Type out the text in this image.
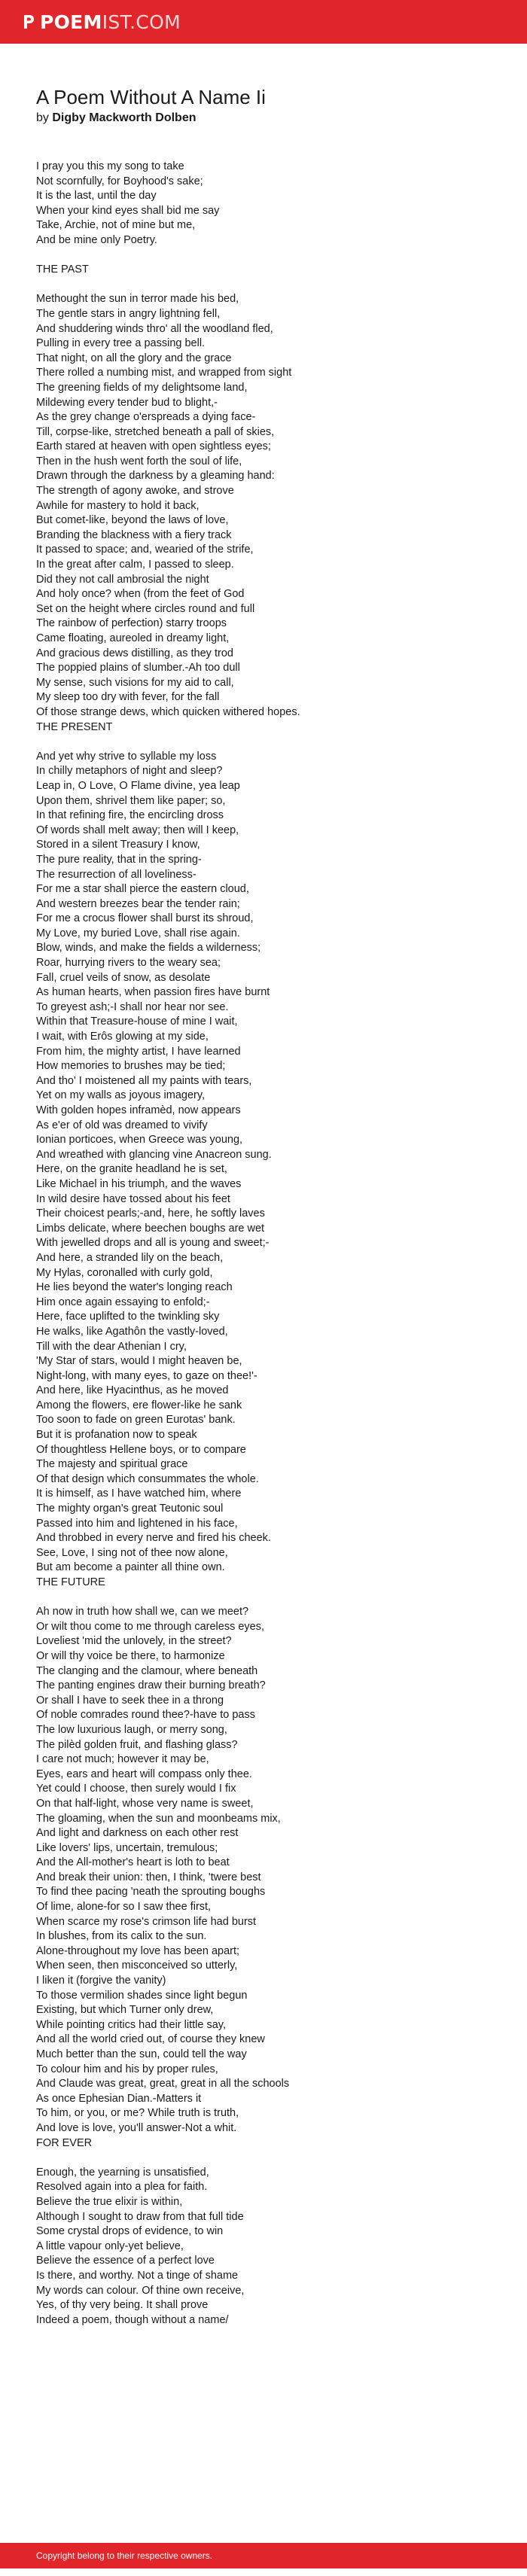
POEM IST.COM
A Poem Without A Name Ii

by Digby Mackworth Dolben

I pray you this my song to take
Not scornfully, for Boyhood's sake;
It is the last, until the day
When your kind eyes shall bid me say
Take, Archie, not of mine but me,
And be mine only Poetry.

THE PAST

Methought the sun in terror made his bed,
The gentle stars in angry lightning fell,
And shuddering winds thro' all the woodland fled,
Pulling in every tree a passing bell.
That night, on all the glory and the grace
There rolled a numbing mist, and wrapped from sight
The greening fields of my delightsome land,
Mildewing every tender bud to blight,-
As the grey change o'erspreads a dying face-
Till, corpse-like, stretched beneath a pall of skies,
Earth stared at heaven with open sightless eyes;
Then in the hush went forth the soul of life,
Drawn through the darkness by a gleaming hand:
The strength of agony awoke, and strove
Awhile for mastery to hold it back,
But comet-like, beyond the laws of love,
Branding the blackness with a fiery track
It passed to space; and, wearied of the strife,
In the great after calm, I passed to sleep.
Did they not call ambrosial the night
And holy once? when (from the feet of God
Set on the height where circles round and full
The rainbow of perfection) starry troops
Came floating, aureoled in dreamy light,
And gracious dews distilling, as they trod
The poppied plains of slumber.-Ah too dull
My sense, such visions for my aid to call,
My sleep too dry with fever, for the fall
Of those strange dews, which quicken withered hopes.
THE PRESENT

And yet why strive to syllable my loss
In chilly metaphors of night and sleep?
Leap in, O Love, O Flame divine, yea leap
Upon them, shrivel them like paper; so,
In that refining fire, the encircling dross
Of words shall melt away; then will I keep,
Stored in a silent Treasury I know,
The pure reality, that in the spring-
The resurrection of all loveliness-
For me a star shall pierce the eastern cloud,
And western breezes bear the tender rain;
For me a crocus flower shall burst its shroud,
My Love, my buried Love, shall rise again.
Blow, winds, and make the fields a wilderness;
Roar, hurrying rivers to the weary sea;
Fall, cruel veils of snow, as desolate
As human hearts, when passion fires have burnt
To greyest ash;-I shall nor hear nor see.
Within that Treasure-house of mine I wait,
I wait, with Erôs glowing at my side,
From him, the mighty artist, I have learned
How memories to brushes may be tied;
And tho' I moistened all my paints with tears,
Yet on my walls as joyous imagery,
With golden hopes inframèd, now appears
As e'er of old was dreamed to vivify
Ionian porticoes, when Greece was young,
And wreathed with glancing vine Anacreon sung.
Here, on the granite headland he is set,
Like Michael in his triumph, and the waves
In wild desire have tossed about his feet
Their choicest pearls;-and, here, he softly laves
Limbs delicate, where beechen boughs are wet
With jewelled drops and all is young and sweet;-
And here, a stranded lily on the beach,
My Hylas, coronalled with curly gold,
He lies beyond the water's longing reach
Him once again essaying to enfold;-
Here, face uplifted to the twinkling sky
He walks, like Agathôn the vastly-loved,
Till with the dear Athenian I cry,
'My Star of stars, would I might heaven be,
Night-long, with many eyes, to gaze on thee!'-
And here, like Hyacinthus, as he moved
Among the flowers, ere flower-like he sank
Too soon to fade on green Eurotas' bank.
But it is profanation now to speak
Of thoughtless Hellene boys, or to compare
The majesty and spiritual grace
Of that design which consummates the whole.
It is himself, as I have watched him, where
The mighty organ's great Teutonic soul
Passed into him and lightened in his face,
And throbbed in every nerve and fired his cheek.
See, Love, I sing not of thee now alone,
But am become a painter all thine own.
THE FUTURE

Ah now in truth how shall we, can we meet?
Or wilt thou come to me through careless eyes,
Loveliest 'mid the unlovely, in the street?
Or will thy voice be there, to harmonize
The clanging and the clamour, where beneath
The panting engines draw their burning breath?
Or shall I have to seek thee in a throng
Of noble comrades round thee?-have to pass
The low luxurious laugh, or merry song,
The pilèd golden fruit, and flashing glass?
I care not much; however it may be,
Eyes, ears and heart will compass only thee.
Yet could I choose, then surely would I fix
On that half-light, whose very name is sweet,
The gloaming, when the sun and moonbeams mix,
And light and darkness on each other rest
Like lovers' lips, uncertain, tremulous;
And the All-mother's heart is loth to beat
And break their union: then, I think, 'twere best
To find thee pacing 'neath the sprouting boughs
Of lime, alone-for so I saw thee first,
When scarce my rose's crimson life had burst
In blushes, from its calix to the sun.
Alone-throughout my love has been apart;
When seen, then misconceived so utterly,
I liken it (forgive the vanity)
To those vermilion shades since light begun
Existing, but which Turner only drew,
While pointing critics had their little say,
And all the world cried out, of course they knew
Much better than the sun, could tell the way
To colour him and his by proper rules,
And Claude was great, great, great in all the schools
As once Ephesian Dian.-Matters it
To him, or you, or me? While truth is truth,
And love is love, you'll answer-Not a whit.
FOR EVER

Enough, the yearning is unsatisfied,
Resolved again into a plea for faith.
Believe the true elixir is within,
Although I sought to draw from that full tide
Some crystal drops of evidence, to win
A little vapour only-yet believe,
Believe the essence of a perfect love
Is there, and worthy. Not a tinge of shame
My words can colour. Of thine own receive,
Yes, of thy very being. It shall prove
Indeed a poem, though without a name/
Copyright belong to their respective owners.
